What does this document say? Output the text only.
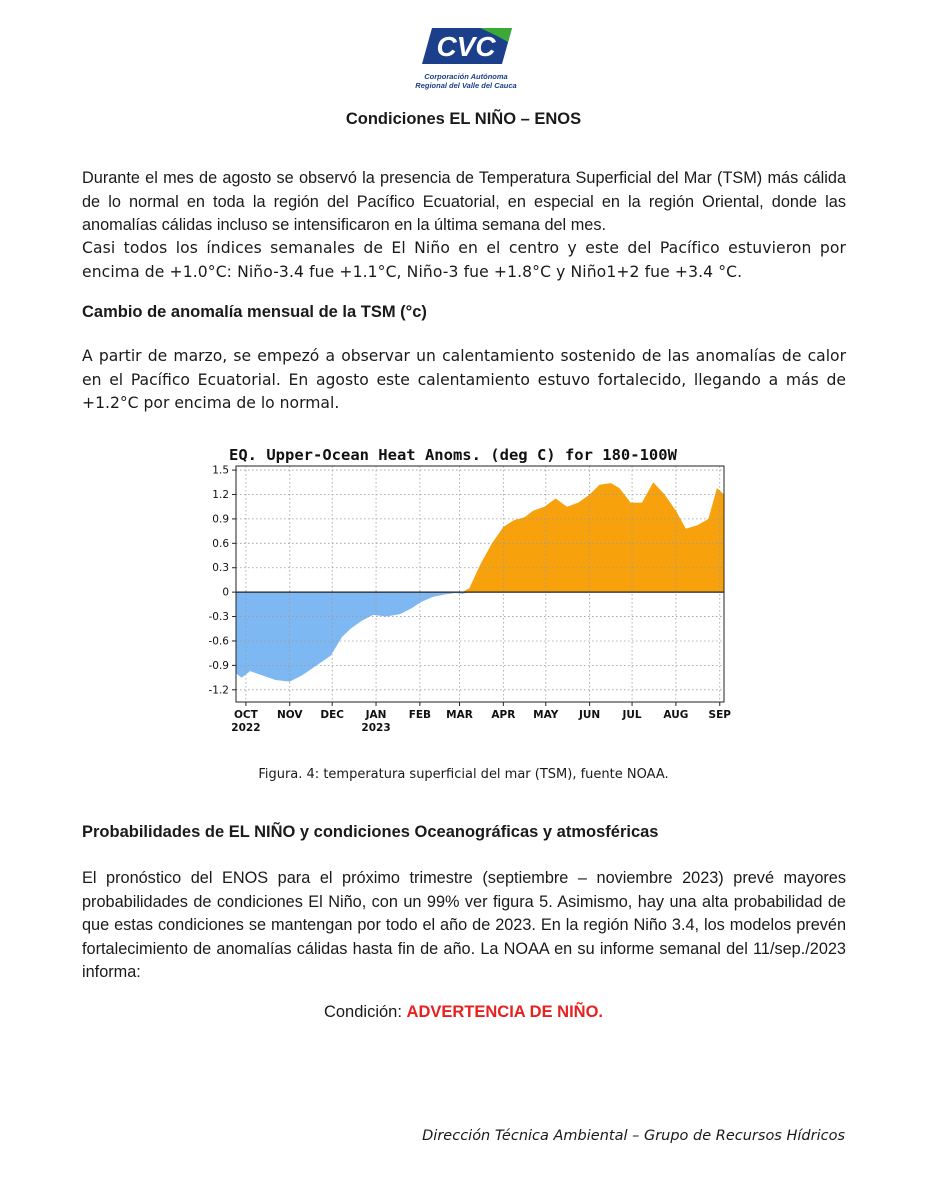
CVC
Corporación Autónoma
Regional del Valle del Cauca
Condiciones EL NIÑO – ENOS
Durante el mes de agosto se observó la presencia de Temperatura Superficial del Mar (TSM) más cálida de lo normal en toda la región del Pacífico Ecuatorial, en especial en la región Oriental, donde las anomalías cálidas incluso se intensificaron en la última semana del mes.
Casi todos los índices semanales de El Niño en el centro y este del Pacífico estuvieron por encima de +1.0°C: Niño-3.4 fue +1.1°C, Niño-3 fue +1.8°C y Niño1+2 fue +3.4 °C.
Cambio de anomalía mensual de la TSM (°c)
A partir de marzo, se empezó a observar un calentamiento sostenido de las anomalías de calor en el Pacífico Ecuatorial. En agosto este calentamiento estuvo fortalecido, llegando a más de +1.2°C por encima de lo normal.
EQ. Upper-Ocean Heat Anoms. (deg C) for 180-100W
1.5
1.2
0.9
0.6
0.3
0
-0.3
-0.6
-0.9
-1.2
OCT
2022
NOV DEC JAN
2023
FEB MAR APR MAY JUN JUL AUG SEP
Figura. 4: temperatura superficial del mar (TSM), fuente NOAA.
Probabilidades de EL NIÑO y condiciones Oceanográficas y atmosféricas
El pronóstico del ENOS para el próximo trimestre (septiembre – noviembre 2023) prevé mayores probabilidades de condiciones El Niño, con un 99% ver figura 5. Asimismo, hay una alta probabilidad de que estas condiciones se mantengan por todo el año de 2023. En la región Niño 3.4, los modelos prevén fortalecimiento de anomalías cálidas hasta fin de año. La NOAA en su informe semanal del 11/sep./2023 informa:
Condición: ADVERTENCIA DE NIÑO.
Dirección Técnica Ambiental – Grupo de Recursos Hídricos
